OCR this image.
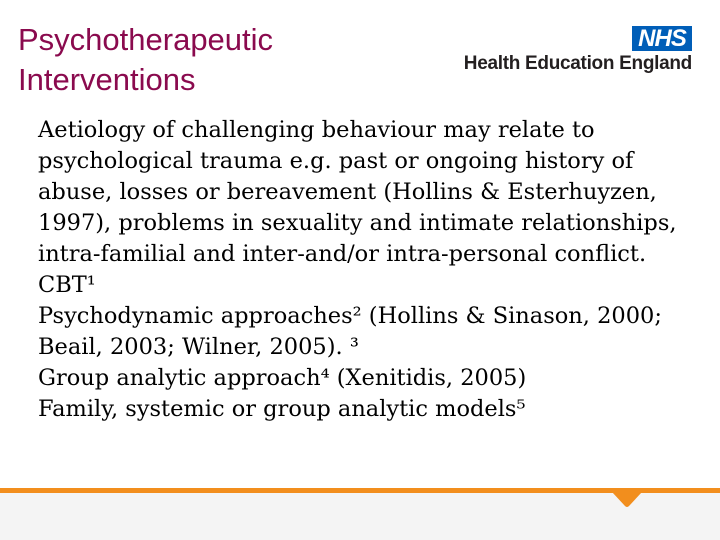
Psychotherapeutic
Interventions
NHS
Health Education England

Aetiology of challenging behaviour may relate to psychological trauma e.g. past or ongoing history of abuse, losses or bereavement (Hollins & Esterhuyzen, 1997), problems in sexuality and intimate relationships, intra-familial and inter-and/or intra-personal conflict.

CBT¹

Psychodynamic approaches² (Hollins & Sinason, 2000; Beail, 2003; Wilner, 2005). ³

Group analytic approach⁴ (Xenitidis, 2005)

Family, systemic or group analytic models⁵
